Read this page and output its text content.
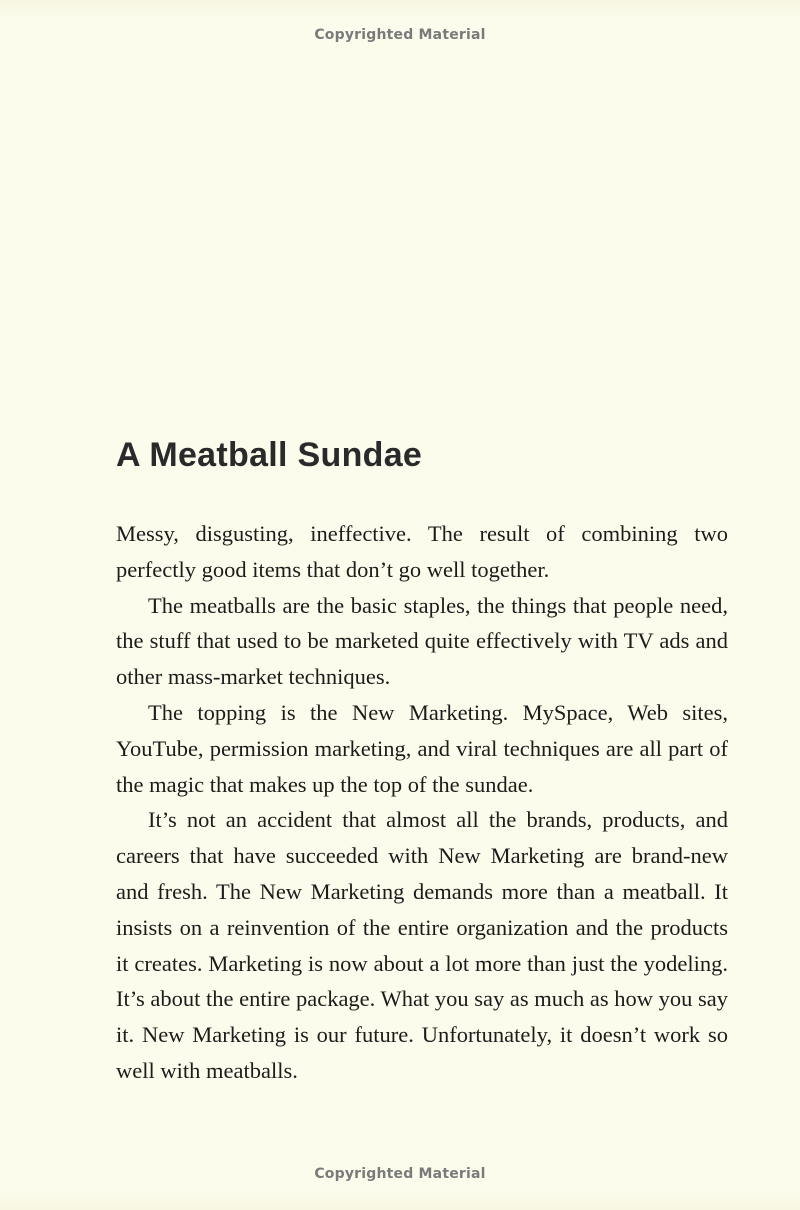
Copyrighted Material
A Meatball Sundae

Messy, disgusting, ineffective. The result of combining two perfectly good items that don’t go well together.

The meatballs are the basic staples, the things that people need, the stuff that used to be marketed quite effectively with TV ads and other mass-market techniques.

The topping is the New Marketing. MySpace, Web sites, YouTube, permission marketing, and viral techniques are all part of the magic that makes up the top of the sundae.

It’s not an accident that almost all the brands, products, and careers that have succeeded with New Marketing are brand-new and fresh. The New Marketing demands more than a meatball. It insists on a reinvention of the entire organization and the products it creates. Marketing is now about a lot more than just the yodeling. It’s about the entire package. What you say as much as how you say it. New Marketing is our future. Unfortunately, it doesn’t work so well with meatballs.

Copyrighted Material
